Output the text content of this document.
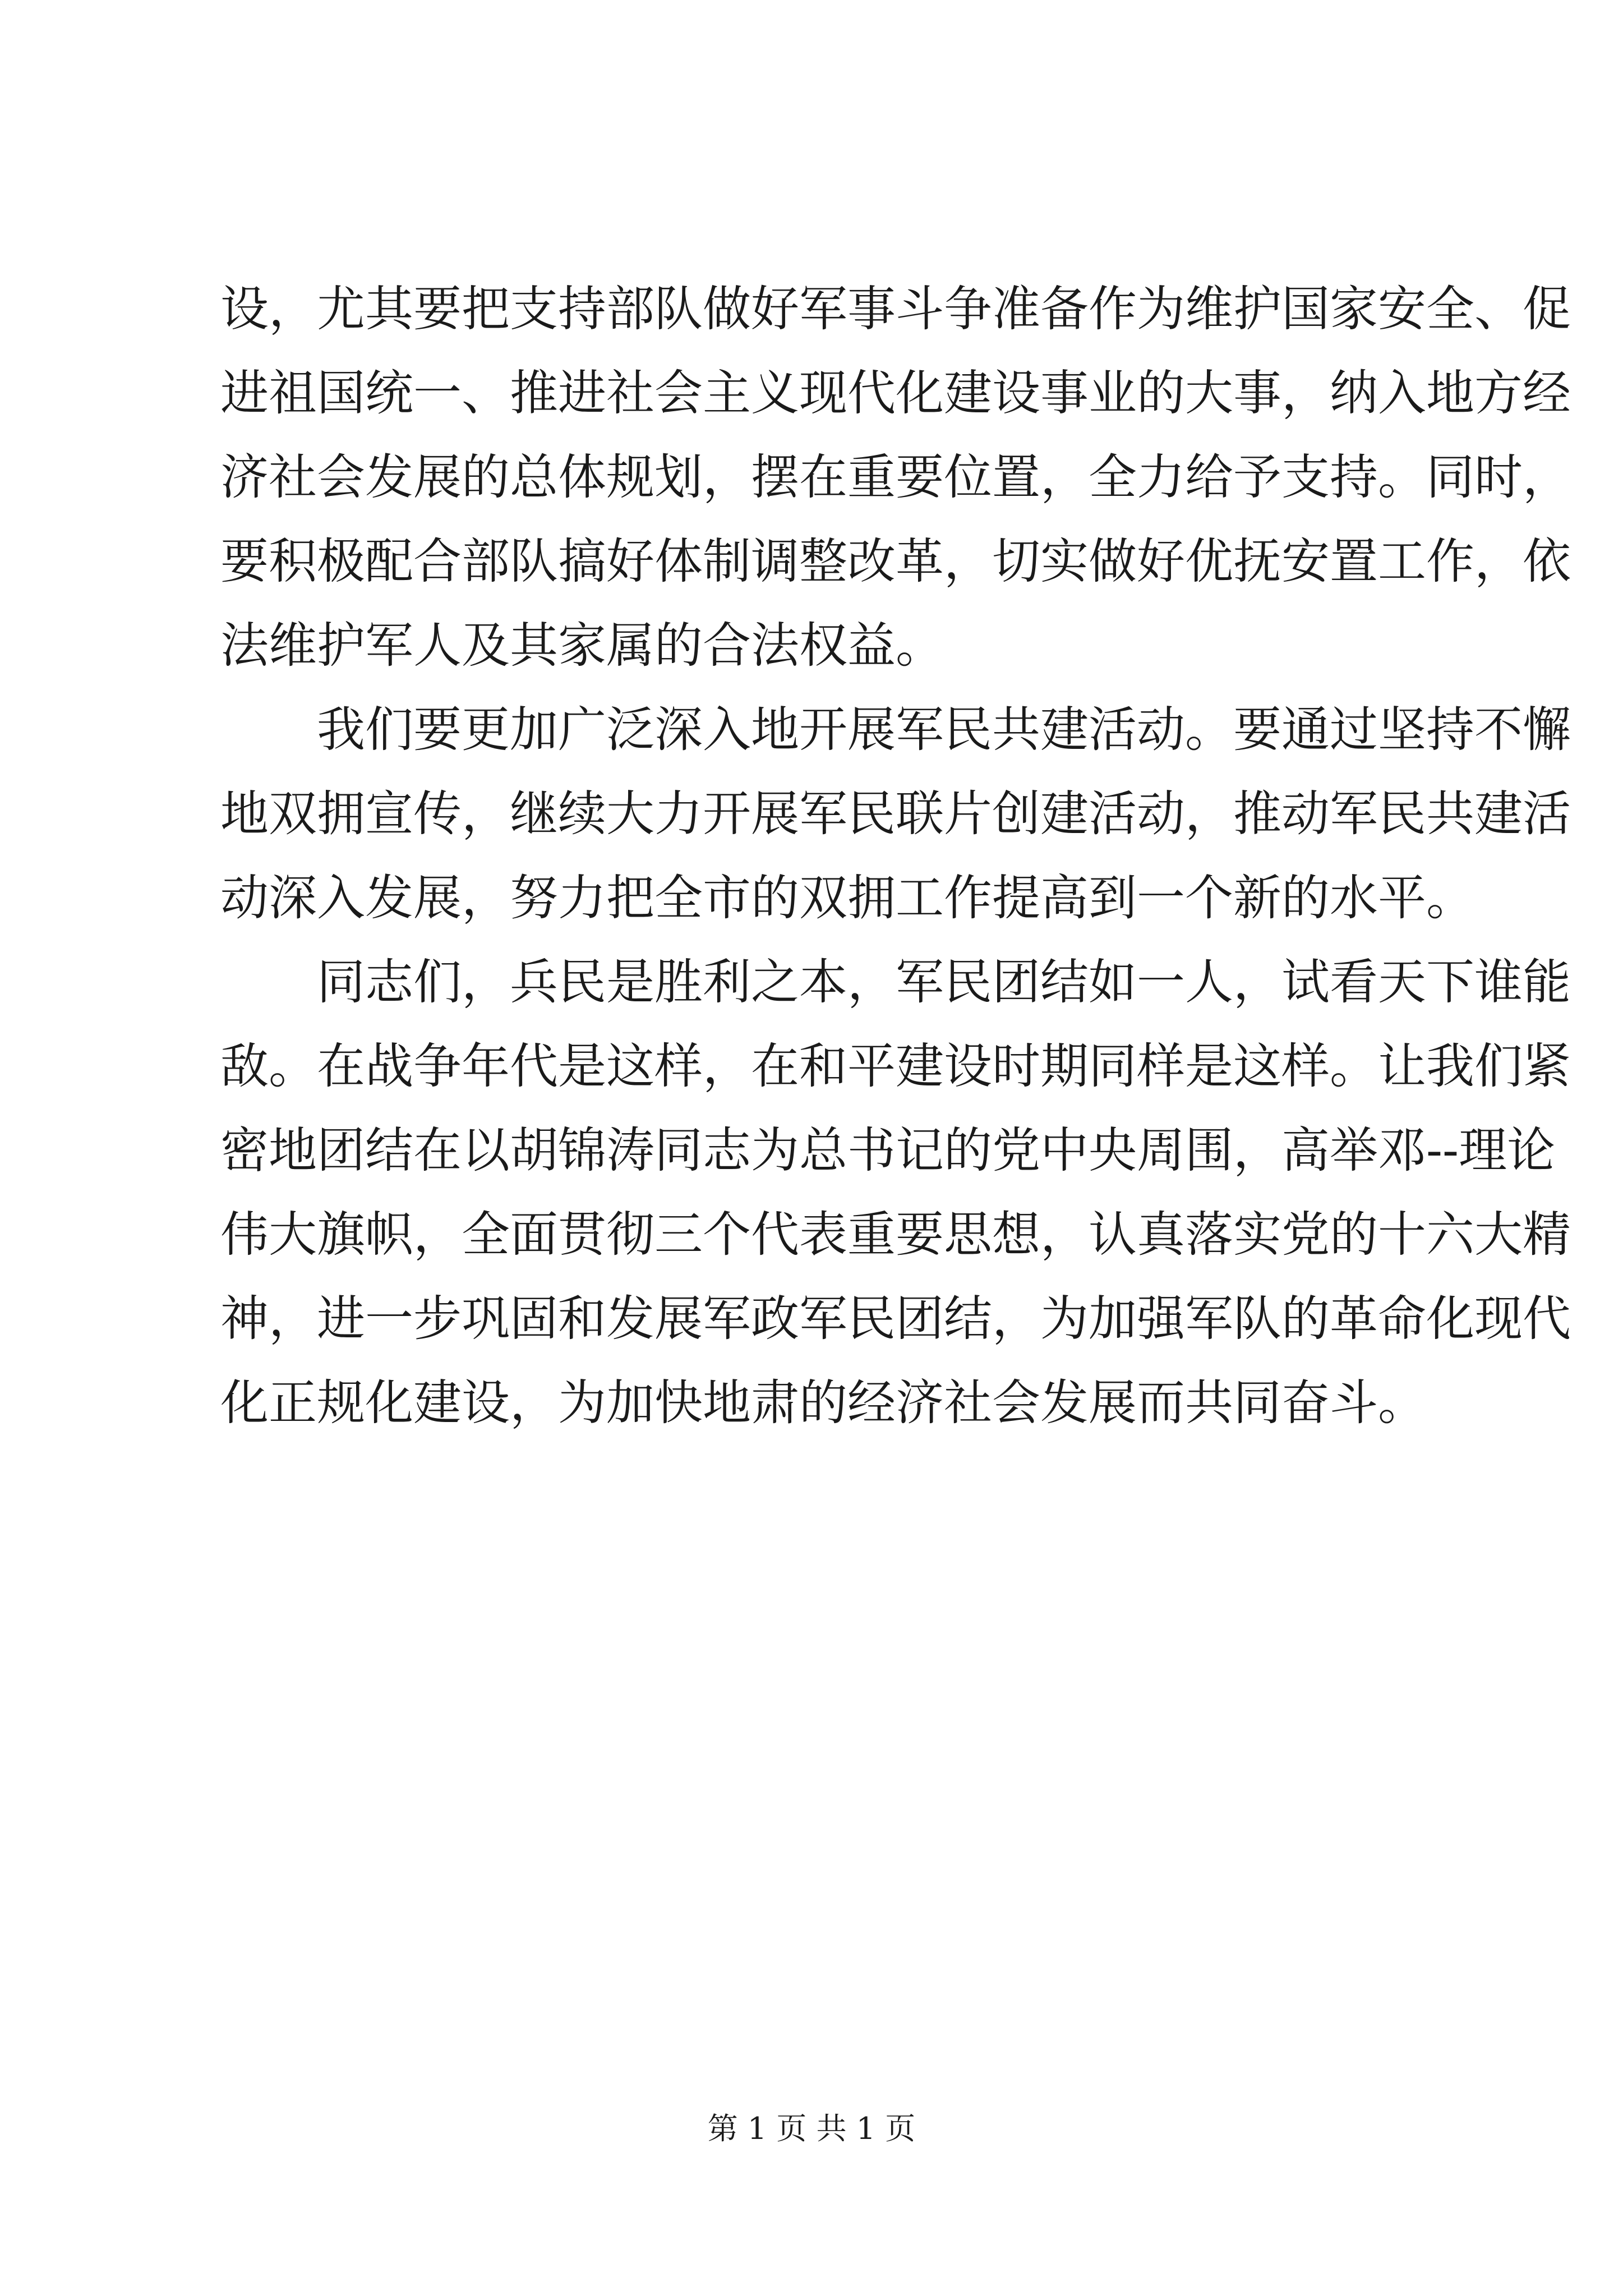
设，尤其要把支持部队做好军事斗争准备作为维护国家安全、促
进祖国统一、推进社会主义现代化建设事业的大事，纳入地方经
济社会发展的总体规划，摆在重要位置，全力给予支持。同时，
要积极配合部队搞好体制调整改革，切实做好优抚安置工作，依
法维护军人及其家属的合法权益。
我们要更加广泛深入地开展军民共建活动。要通过坚持不懈
地双拥宣传，继续大力开展军民联片创建活动，推动军民共建活
动深入发展，努力把全市的双拥工作提高到一个新的水平。
同志们，兵民是胜利之本，军民团结如一人，试看天下谁能
敌。在战争年代是这样，在和平建设时期同样是这样。让我们紧
密地团结在以胡锦涛同志为总书记的党中央周围，高举邓--理论
伟大旗帜，全面贯彻三个代表重要思想，认真落实党的十六大精
神，进一步巩固和发展军政军民团结，为加强军队的革命化现代
化正规化建设，为加快地肃的经济社会发展而共同奋斗。
第 1 页 共 1 页
